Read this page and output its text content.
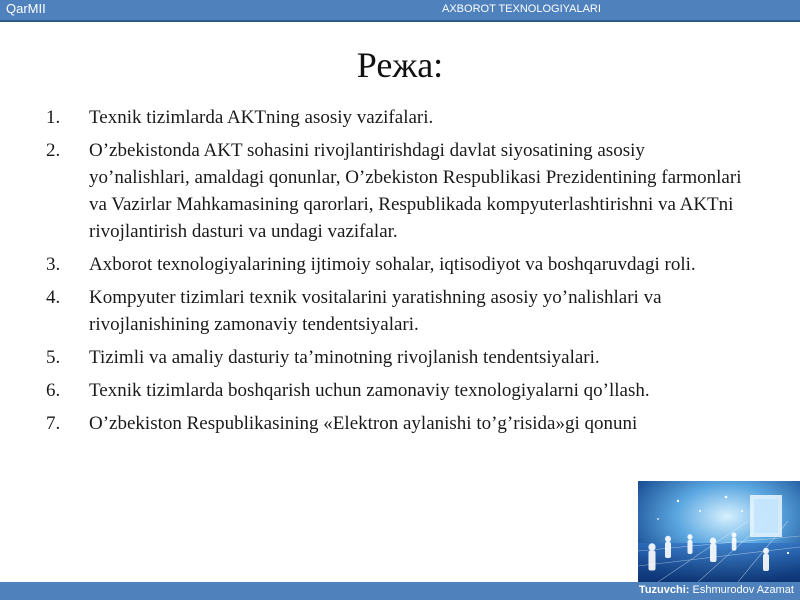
QarMII	AXBOROT TEXNOLOGIYALARI
Режа:
1.	Texnik tizimlarda AKTning asosiy vazifalari.
2.	O’zbekistonda AKT sohasini rivojlantirishdagi davlat siyosatining asosiy yo’nalishlari, amaldagi qonunlar, O’zbekiston Respublikasi Prezidentining farmonlari va Vazirlar Mahkamasining qarorlari, Respublikada kompyuterlashtirishni va AKTni rivojlantirish dasturi va undagi vazifalar.
3.	Axborot texnologiyalarining ijtimoiy sohalar, iqtisodiyot va boshqaruvdagi roli.
4.	Kompyuter tizimlari texnik vositalarini yaratishning asosiy yo’nalishlari va rivojlanishining zamonaviy tendentsiyalari.
5.	Tizimli va amaliy dasturiy ta’minotning rivojlanish tendentsiyalari.
6.	Texnik tizimlarda boshqarish uchun zamonaviy texnologiyalarni qo’llash.
7.	O’zbekiston Respublikasining «Elektron aylanishi to’g’risida»gi qonuni
Tuzuvchi: Eshmurodov Azamat
